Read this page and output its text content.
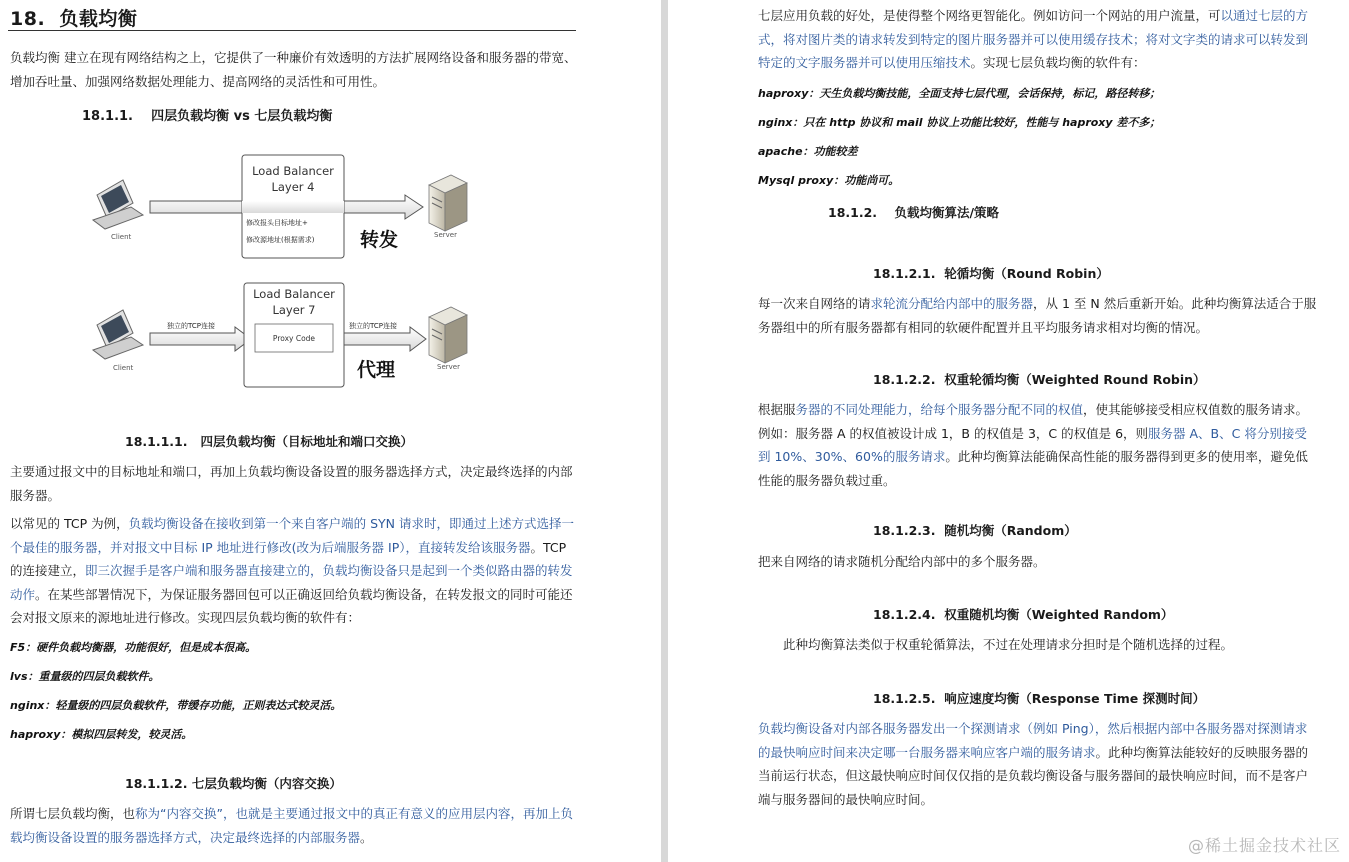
18. 负载均衡

负载均衡 建立在现有网络结构之上，它提供了一种廉价有效透明的方法扩展网络设备和服务器的带宽、增加吞吐量、加强网络数据处理能力、提高网络的灵活性和可用性。

18.1.1. 四层负载均衡 vs 七层负载均衡
Client
Load Balancer
Layer 4
修改报头目标地址+
修改源地址(根据需求) 转发	Server
Client
独立的TCP连接
Load Balancer
Layer 7
Proxy Code
独立的TCP连接
代理	Server
18.1.1.1. 四层负载均衡（目标地址和端口交换）

主要通过报文中的目标地址和端口，再加上负载均衡设备设置的服务器选择方式，决定最终选择的内部服务器。

以常见的 TCP 为例，负载均衡设备在接收到第一个来自客户端的 SYN 请求时，即通过上述方式选择一个最佳的服务器，并对报文中目标 IP 地址进行修改(改为后端服务器 IP），直接转发给该服务器。TCP 的连接建立，即三次握手是客户端和服务器直接建立的，负载均衡设备只是起到一个类似路由器的转发动作。在某些部署情况下，为保证服务器回包可以正确返回给负载均衡设备，在转发报文的同时可能还会对报文原来的源地址进行修改。实现四层负载均衡的软件有：

F5：硬件负载均衡器，功能很好，但是成本很高。
lvs：重量级的四层负载软件。
nginx：轻量级的四层负载软件，带缓存功能，正则表达式较灵活。
haproxy：模拟四层转发，较灵活。
18.1.1.2. 七层负载均衡（内容交换）

所谓七层负载均衡，也称为“内容交换”，也就是主要通过报文中的真正有意义的应用层内容，再加上负载均衡设备设置的服务器选择方式，决定最终选择的内部服务器。

七层应用负载的好处，是使得整个网络更智能化。例如访问一个网站的用户流量，可以通过七层的方式，将对图片类的请求转发到特定的图片服务器并可以使用缓存技术；将对文字类的请求可以转发到特定的文字服务器并可以使用压缩技术。实现七层负载均衡的软件有：

haproxy：天生负载均衡技能，全面支持七层代理，会话保持，标记，路径转移；
nginx：只在 http 协议和 mail 协议上功能比较好，性能与 haproxy 差不多；
apache：功能较差
Mysql proxy：功能尚可。
18.1.2. 负载均衡算法/策略
18.1.2.1. 轮循均衡（Round Robin）

每一次来自网络的请求轮流分配给内部中的服务器，从 1 至 N 然后重新开始。此种均衡算法适合于服务器组中的所有服务器都有相同的软硬件配置并且平均服务请求相对均衡的情况。

18.1.2.2. 权重轮循均衡（Weighted Round Robin）

根据服务器的不同处理能力，给每个服务器分配不同的权值，使其能够接受相应权值数的服务请求。例如：服务器 A 的权值被设计成 1，B 的权值是 3，C 的权值是 6，则服务器 A、B、C 将分别接受到 10%、30%、60%的服务请求。此种均衡算法能确保高性能的服务器得到更多的使用率，避免低性能的服务器负载过重。

18.1.2.3. 随机均衡（Random）

把来自网络的请求随机分配给内部中的多个服务器。

18.1.2.4. 权重随机均衡（Weighted Random）

此种均衡算法类似于权重轮循算法，不过在处理请求分担时是个随机选择的过程。

18.1.2.5. 响应速度均衡（Response Time 探测时间）

负载均衡设备对内部各服务器发出一个探测请求（例如 Ping），然后根据内部中各服务器对探测请求的最快响应时间来决定哪一台服务器来响应客户端的服务请求。此种均衡算法能较好的反映服务器的当前运行状态，但这最快响应时间仅仅指的是负载均衡设备与服务器间的最快响应时间，而不是客户端与服务器间的最快响应时间。

@稀土掘金技术社区
